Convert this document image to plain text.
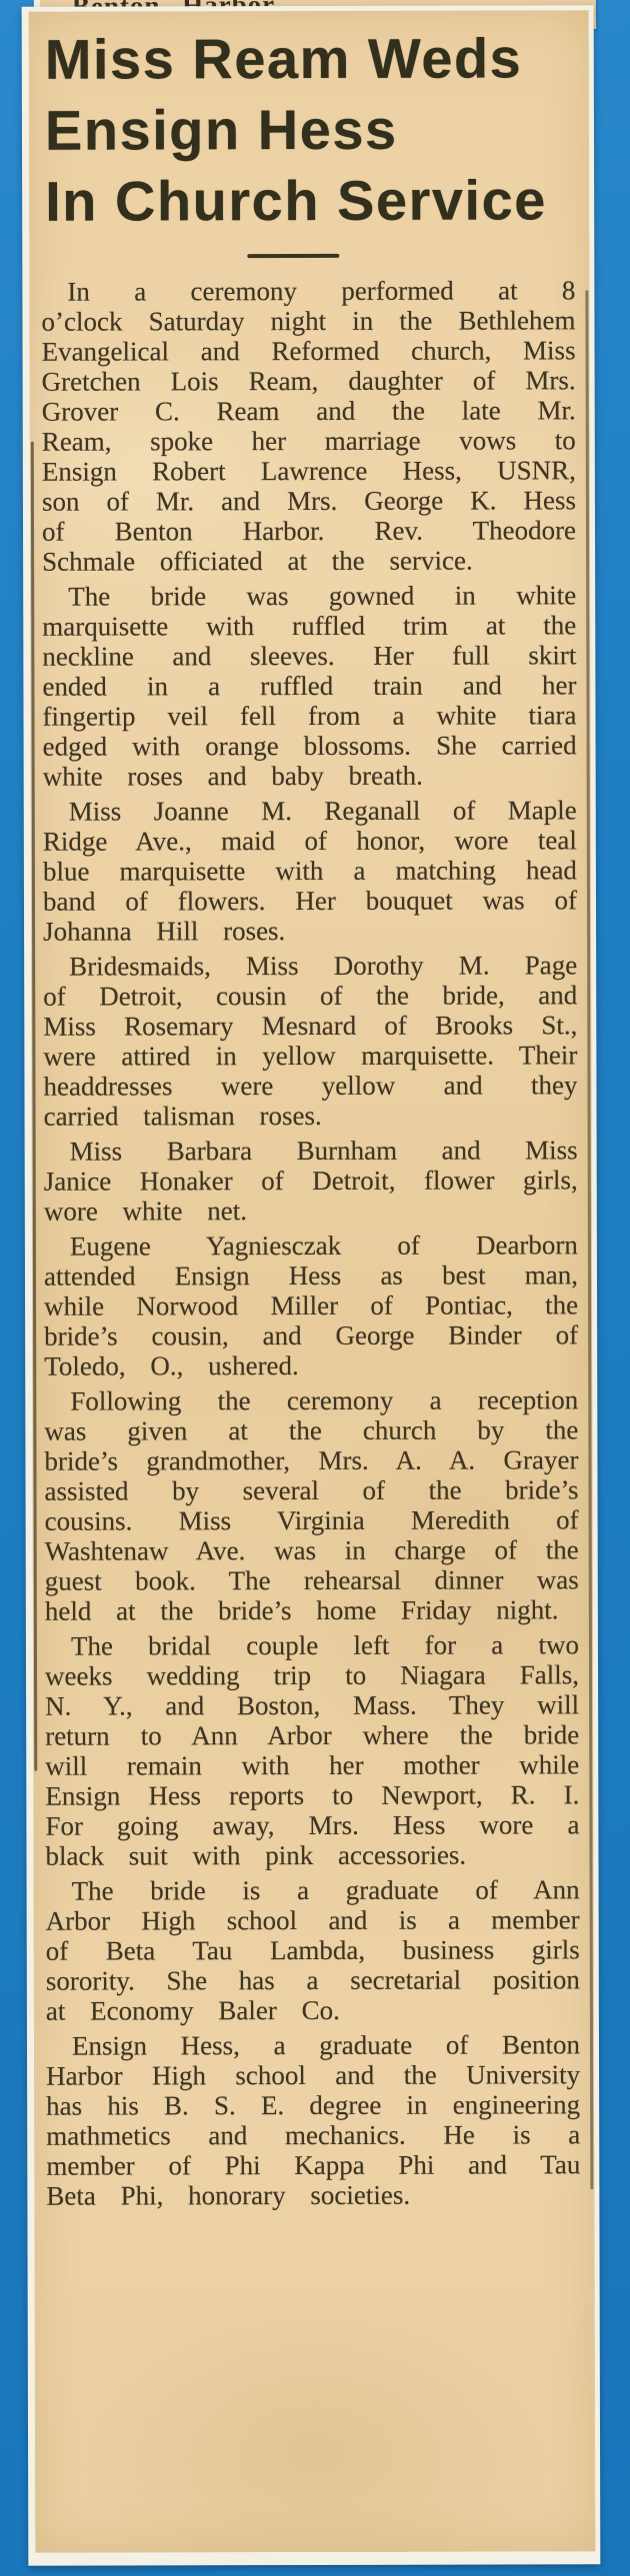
Miss Ream Weds
Ensign Hess
In Church Service

In a ceremony performed at 8 o’clock Saturday night in the Bethlehem Evangelical and Reformed church, Miss Gretchen Lois Ream, daughter of Mrs. Grover C. Ream and the late Mr. Ream, spoke her marriage vows to Ensign Robert Lawrence Hess, USNR, son of Mr. and Mrs. George K. Hess of Benton Harbor. Rev. Theodore Schmale officiated at the service.

The bride was gowned in white marquisette with ruffled trim at the neckline and sleeves. Her full skirt ended in a ruffled train and her fingertip veil fell from a white tiara edged with orange blossoms. She carried white roses and baby breath.

Miss Joanne M. Reganall of Maple Ridge Ave., maid of honor, wore teal blue marquisette with a matching head band of flowers. Her bouquet was of Johanna Hill roses.

Bridesmaids, Miss Dorothy M. Page of Detroit, cousin of the bride, and Miss Rosemary Mesnard of Brooks St., were attired in yellow marquisette. Their headdresses were yellow and they carried talisman roses.

Miss Barbara Burnham and Miss Janice Honaker of Detroit, flower girls, wore white net.

Eugene Yagniesczak of Dearborn attended Ensign Hess as best man, while Norwood Miller of Pontiac, the bride’s cousin, and George Binder of Toledo, O., ushered.

Following the ceremony a reception was given at the church by the bride’s grandmother, Mrs. A. A. Grayer assisted by several of the bride’s cousins. Miss Virginia Meredith of Washtenaw Ave. was in charge of the guest book. The rehearsal dinner was held at the bride’s home Friday night.

The bridal couple left for a two weeks wedding trip to Niagara Falls, N. Y., and Boston, Mass. They will return to Ann Arbor where the bride will remain with her mother while Ensign Hess reports to Newport, R. I. For going away, Mrs. Hess wore a black suit with pink accessories.

The bride is a graduate of Ann Arbor High school and is a member of Beta Tau Lambda, business girls sorority. She has a secretarial position at Economy Baler Co.

Ensign Hess, a graduate of Benton Harbor High school and the University has his B. S. E. degree in engineering mathmetics and mechanics. He is a member of Phi Kappa Phi and Tau Beta Phi, honorary societies.
